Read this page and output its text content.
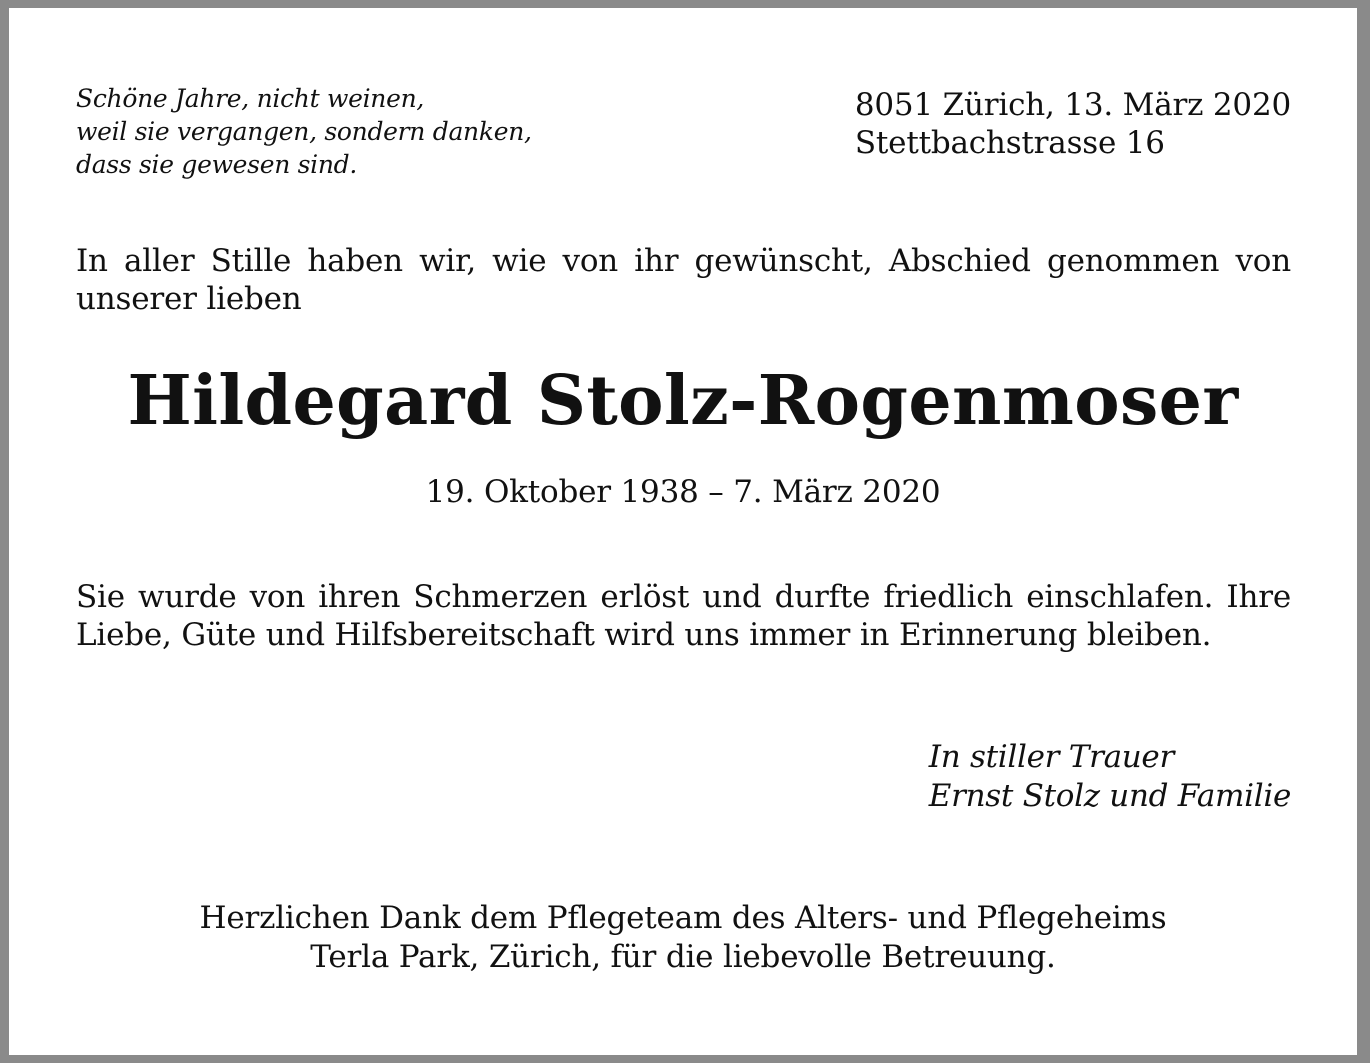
Schöne Jahre, nicht weinen,
weil sie vergangen, sondern danken,
dass sie gewesen sind.
8051 Zürich, 13. März 2020
Stettbachstrasse 16
In aller Stille haben wir, wie von ihr gewünscht, Abschied genommen von unserer lieben
Hildegard Stolz-Rogenmoser
19. Oktober 1938 – 7. März 2020
Sie wurde von ihren Schmerzen erlöst und durfte friedlich einschlafen. Ihre Liebe, Güte und Hilfsbereitschaft wird uns immer in Erinnerung bleiben.
In stiller Trauer
Ernst Stolz und Familie
Herzlichen Dank dem Pflegeteam des Alters- und Pflegeheims
Terla Park, Zürich, für die liebevolle Betreuung.
